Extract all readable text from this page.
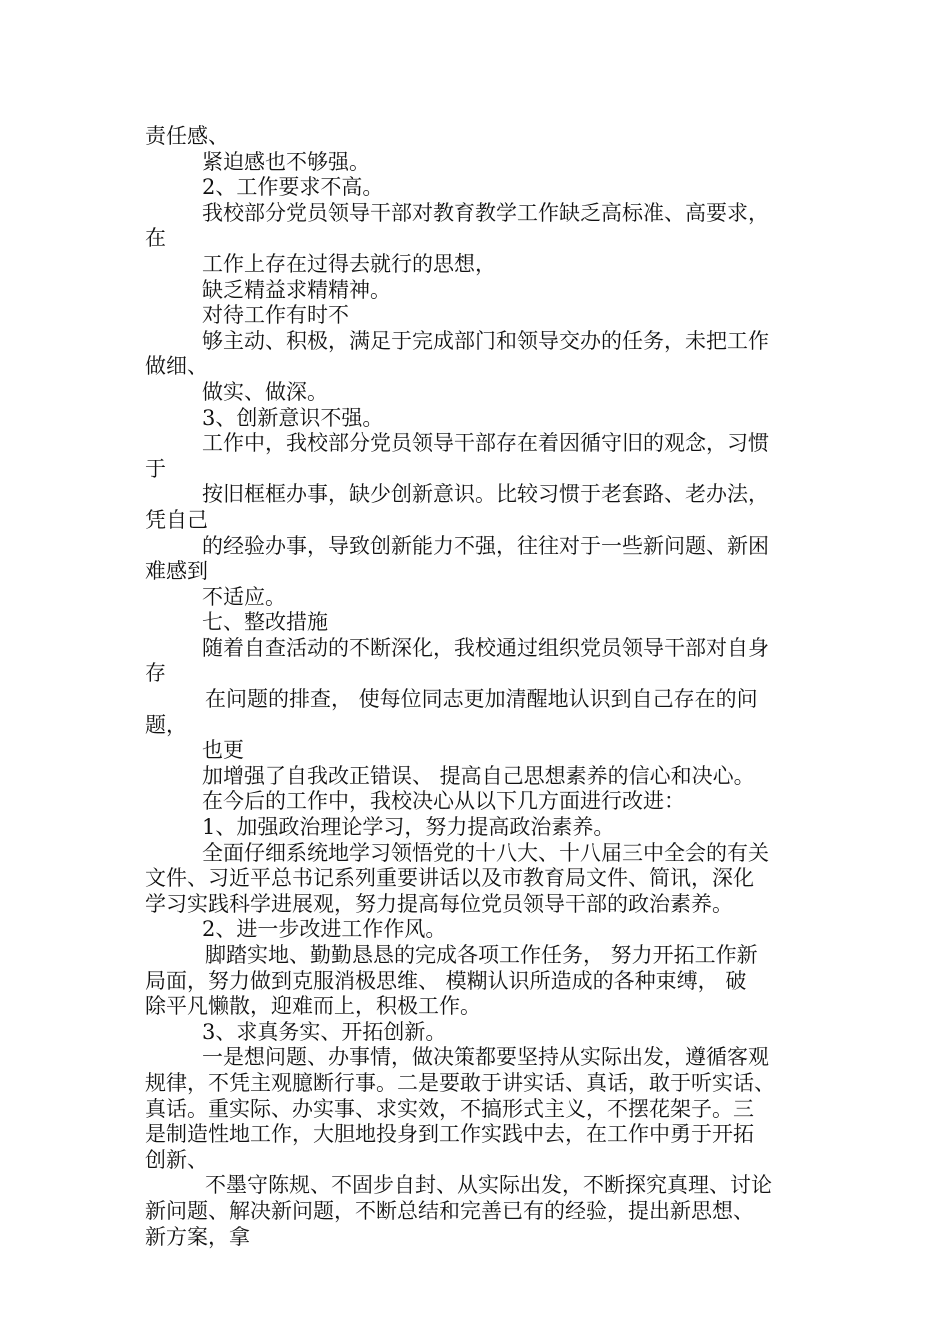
责任感、
紧迫感也不够强。
2、工作要求不高。
我校部分党员领导干部对教育教学工作缺乏高标准、高要求，
在
工作上存在过得去就行的思想，
缺乏精益求精精神。
对待工作有时不
够主动、积极，满足于完成部门和领导交办的任务，未把工作
做细、
做实、做深。
3、创新意识不强。
工作中，我校部分党员领导干部存在着因循守旧的观念，习惯
于
按旧框框办事，缺少创新意识。比较习惯于老套路、老办法，
凭自己
的经验办事，导致创新能力不强，往往对于一些新问题、新困
难感到
不适应。
七、整改措施
随着自查活动的不断深化，我校通过组织党员领导干部对自身
存
在问题的排查， 使每位同志更加清醒地认识到自己存在的问
题，
也更
加增强了自我改正错误、 提高自己思想素养的信心和决心。
在今后的工作中，我校决心从以下几方面进行改进：
1、加强政治理论学习，努力提高政治素养。
全面仔细系统地学习领悟党的十八大、十八届三中全会的有关
文件、习近平总书记系列重要讲话以及市教育局文件、简讯，深化
学习实践科学进展观，努力提高每位党员领导干部的政治素养。
2、进一步改进工作作风。
脚踏实地、勤勤恳恳的完成各项工作任务， 努力开拓工作新
局面，努力做到克服消极思维、 模糊认识所造成的各种束缚， 破
除平凡懒散，迎难而上，积极工作。
3、求真务实、开拓创新。
一是想问题、办事情，做决策都要坚持从实际出发，遵循客观
规律，不凭主观臆断行事。二是要敢于讲实话、真话，敢于听实话、
真话。重实际、办实事、求实效，不搞形式主义，不摆花架子。三
是制造性地工作，大胆地投身到工作实践中去，在工作中勇于开拓
创新、
不墨守陈规、不固步自封、从实际出发，不断探究真理、讨论
新问题、解决新问题，不断总结和完善已有的经验，提出新思想、
新方案，拿
